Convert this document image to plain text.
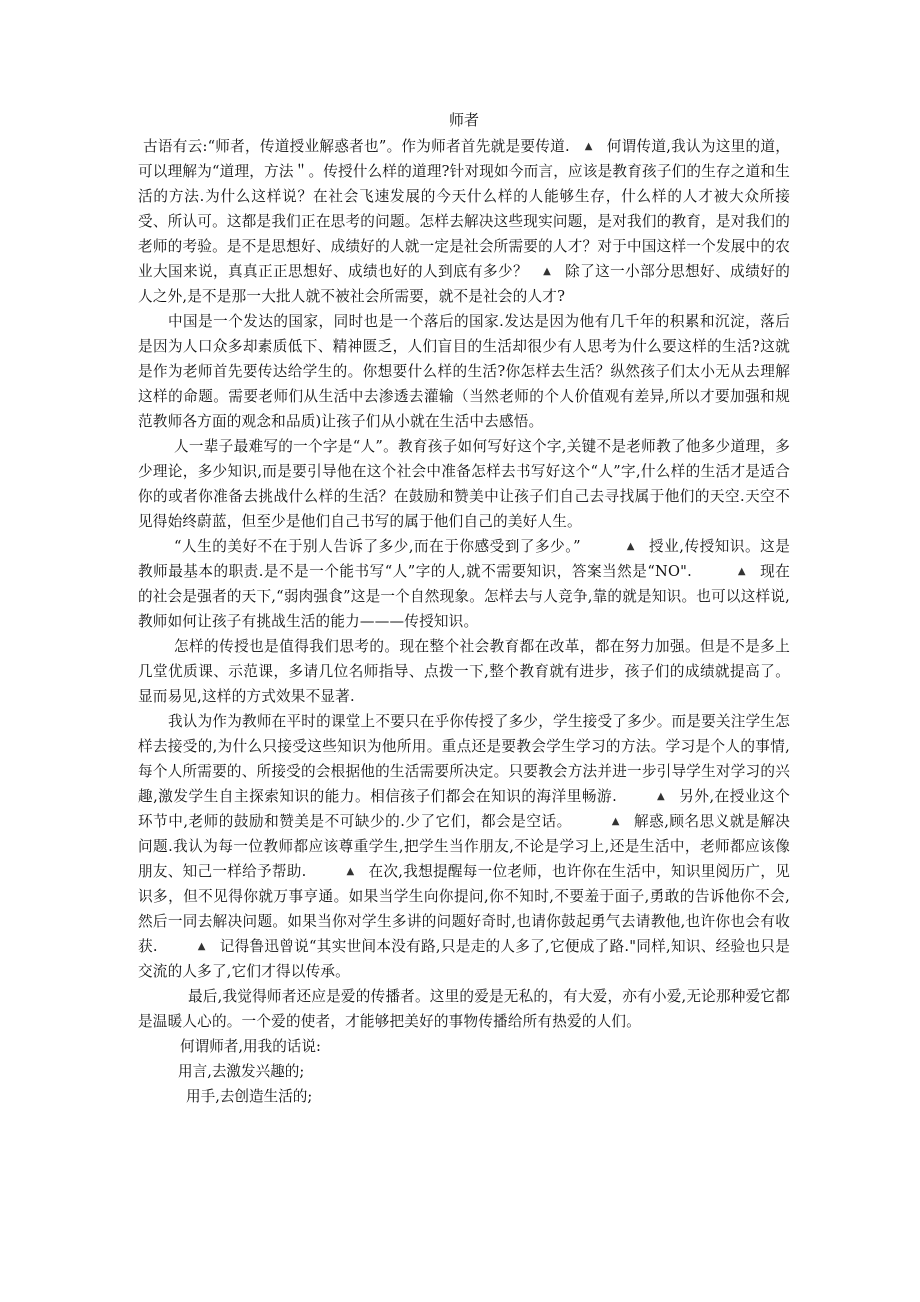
师者

古语有云:“师者，传道授业解惑者也”。作为师者首先就是要传道. ▲ 何谓传道,我认为这里的道，可以理解为“道理，方法＂。传授什么样的道理?针对现如今而言，应该是教育孩子们的生存之道和生活的方法.为什么这样说？在社会飞速发展的今天什么样的人能够生存，什么样的人才被大众所接受、所认可。这都是我们正在思考的问题。怎样去解决这些现实问题，是对我们的教育，是对我们的老师的考验。是不是思想好、成绩好的人就一定是社会所需要的人才？对于中国这样一个发展中的农业大国来说，真真正正思想好、成绩也好的人到底有多少？ ▲ 除了这一小部分思想好、成绩好的人之外,是不是那一大批人就不被社会所需要，就不是社会的人才?

中国是一个发达的国家，同时也是一个落后的国家.发达是因为他有几千年的积累和沉淀，落后是因为人口众多却素质低下、精神匮乏，人们盲目的生活却很少有人思考为什么要这样的生活?这就是作为老师首先要传达给学生的。你想要什么样的生活?你怎样去生活？纵然孩子们太小无从去理解这样的命题。需要老师们从生活中去渗透去灌输（当然老师的个人价值观有差异,所以才要加强和规范教师各方面的观念和品质)让孩子们从小就在生活中去感悟。

人一辈子最难写的一个字是“人”。教育孩子如何写好这个字,关键不是老师教了他多少道理，多少理论，多少知识,而是要引导他在这个社会中准备怎样去书写好这个“人”字,什么样的生活才是适合你的或者你准备去挑战什么样的生活？在鼓励和赞美中让孩子们自己去寻找属于他们的天空.天空不见得始终蔚蓝，但至少是他们自己书写的属于他们自己的美好人生。

“人生的美好不在于别人告诉了多少,而在于你感受到了多少。”	▲ 授业,传授知识。这是教师最基本的职责.是不是一个能书写“人”字的人,就不需要知识，答案当然是“NO".	▲ 现在的社会是强者的天下,“弱肉强食”这是一个自然现象。怎样去与人竞争,靠的就是知识。也可以这样说,教师如何让孩子有挑战生活的能力———传授知识。

怎样的传授也是值得我们思考的。现在整个社会教育都在改革，都在努力加强。但是不是多上几堂优质课、示范课，多请几位名师指导、点拨一下,整个教育就有进步，孩子们的成绩就提高了。显而易见,这样的方式效果不显著.

我认为作为教师在平时的课堂上不要只在乎你传授了多少，学生接受了多少。而是要关注学生怎样去接受的,为什么只接受这些知识为他所用。重点还是要教会学生学习的方法。学习是个人的事情,每个人所需要的、所接受的会根据他的生活需要所决定。只要教会方法并进一步引导学生对学习的兴趣,激发学生自主探索知识的能力。相信孩子们都会在知识的海洋里畅游.	▲ 另外,在授业这个环节中,老师的鼓励和赞美是不可缺少的.少了它们，都会是空话。	▲ 解惑,顾名思义就是解决问题.我认为每一位教师都应该尊重学生,把学生当作朋友,不论是学习上,还是生活中，老师都应该像朋友、知己一样给予帮助.	▲ 在次,我想提醒每一位老师，也许你在生活中，知识里阅历广，见识多，但不见得你就万事亨通。如果当学生向你提问,你不知时,不要羞于面子,勇敢的告诉他你不会,然后一同去解决问题。如果当你对学生多讲的问题好奇时,也请你鼓起勇气去请教他,也许你也会有收获.	▲ 记得鲁迅曾说“其实世间本没有路,只是走的人多了,它便成了路."同样,知识、经验也只是交流的人多了,它们才得以传承。

最后,我觉得师者还应是爱的传播者。这里的爱是无私的，有大爱，亦有小爱,无论那种爱它都是温暖人心的。一个爱的使者，才能够把美好的事物传播给所有热爱的人们。

何谓师者,用我的话说:

用言,去激发兴趣的;

用手,去创造生活的;
